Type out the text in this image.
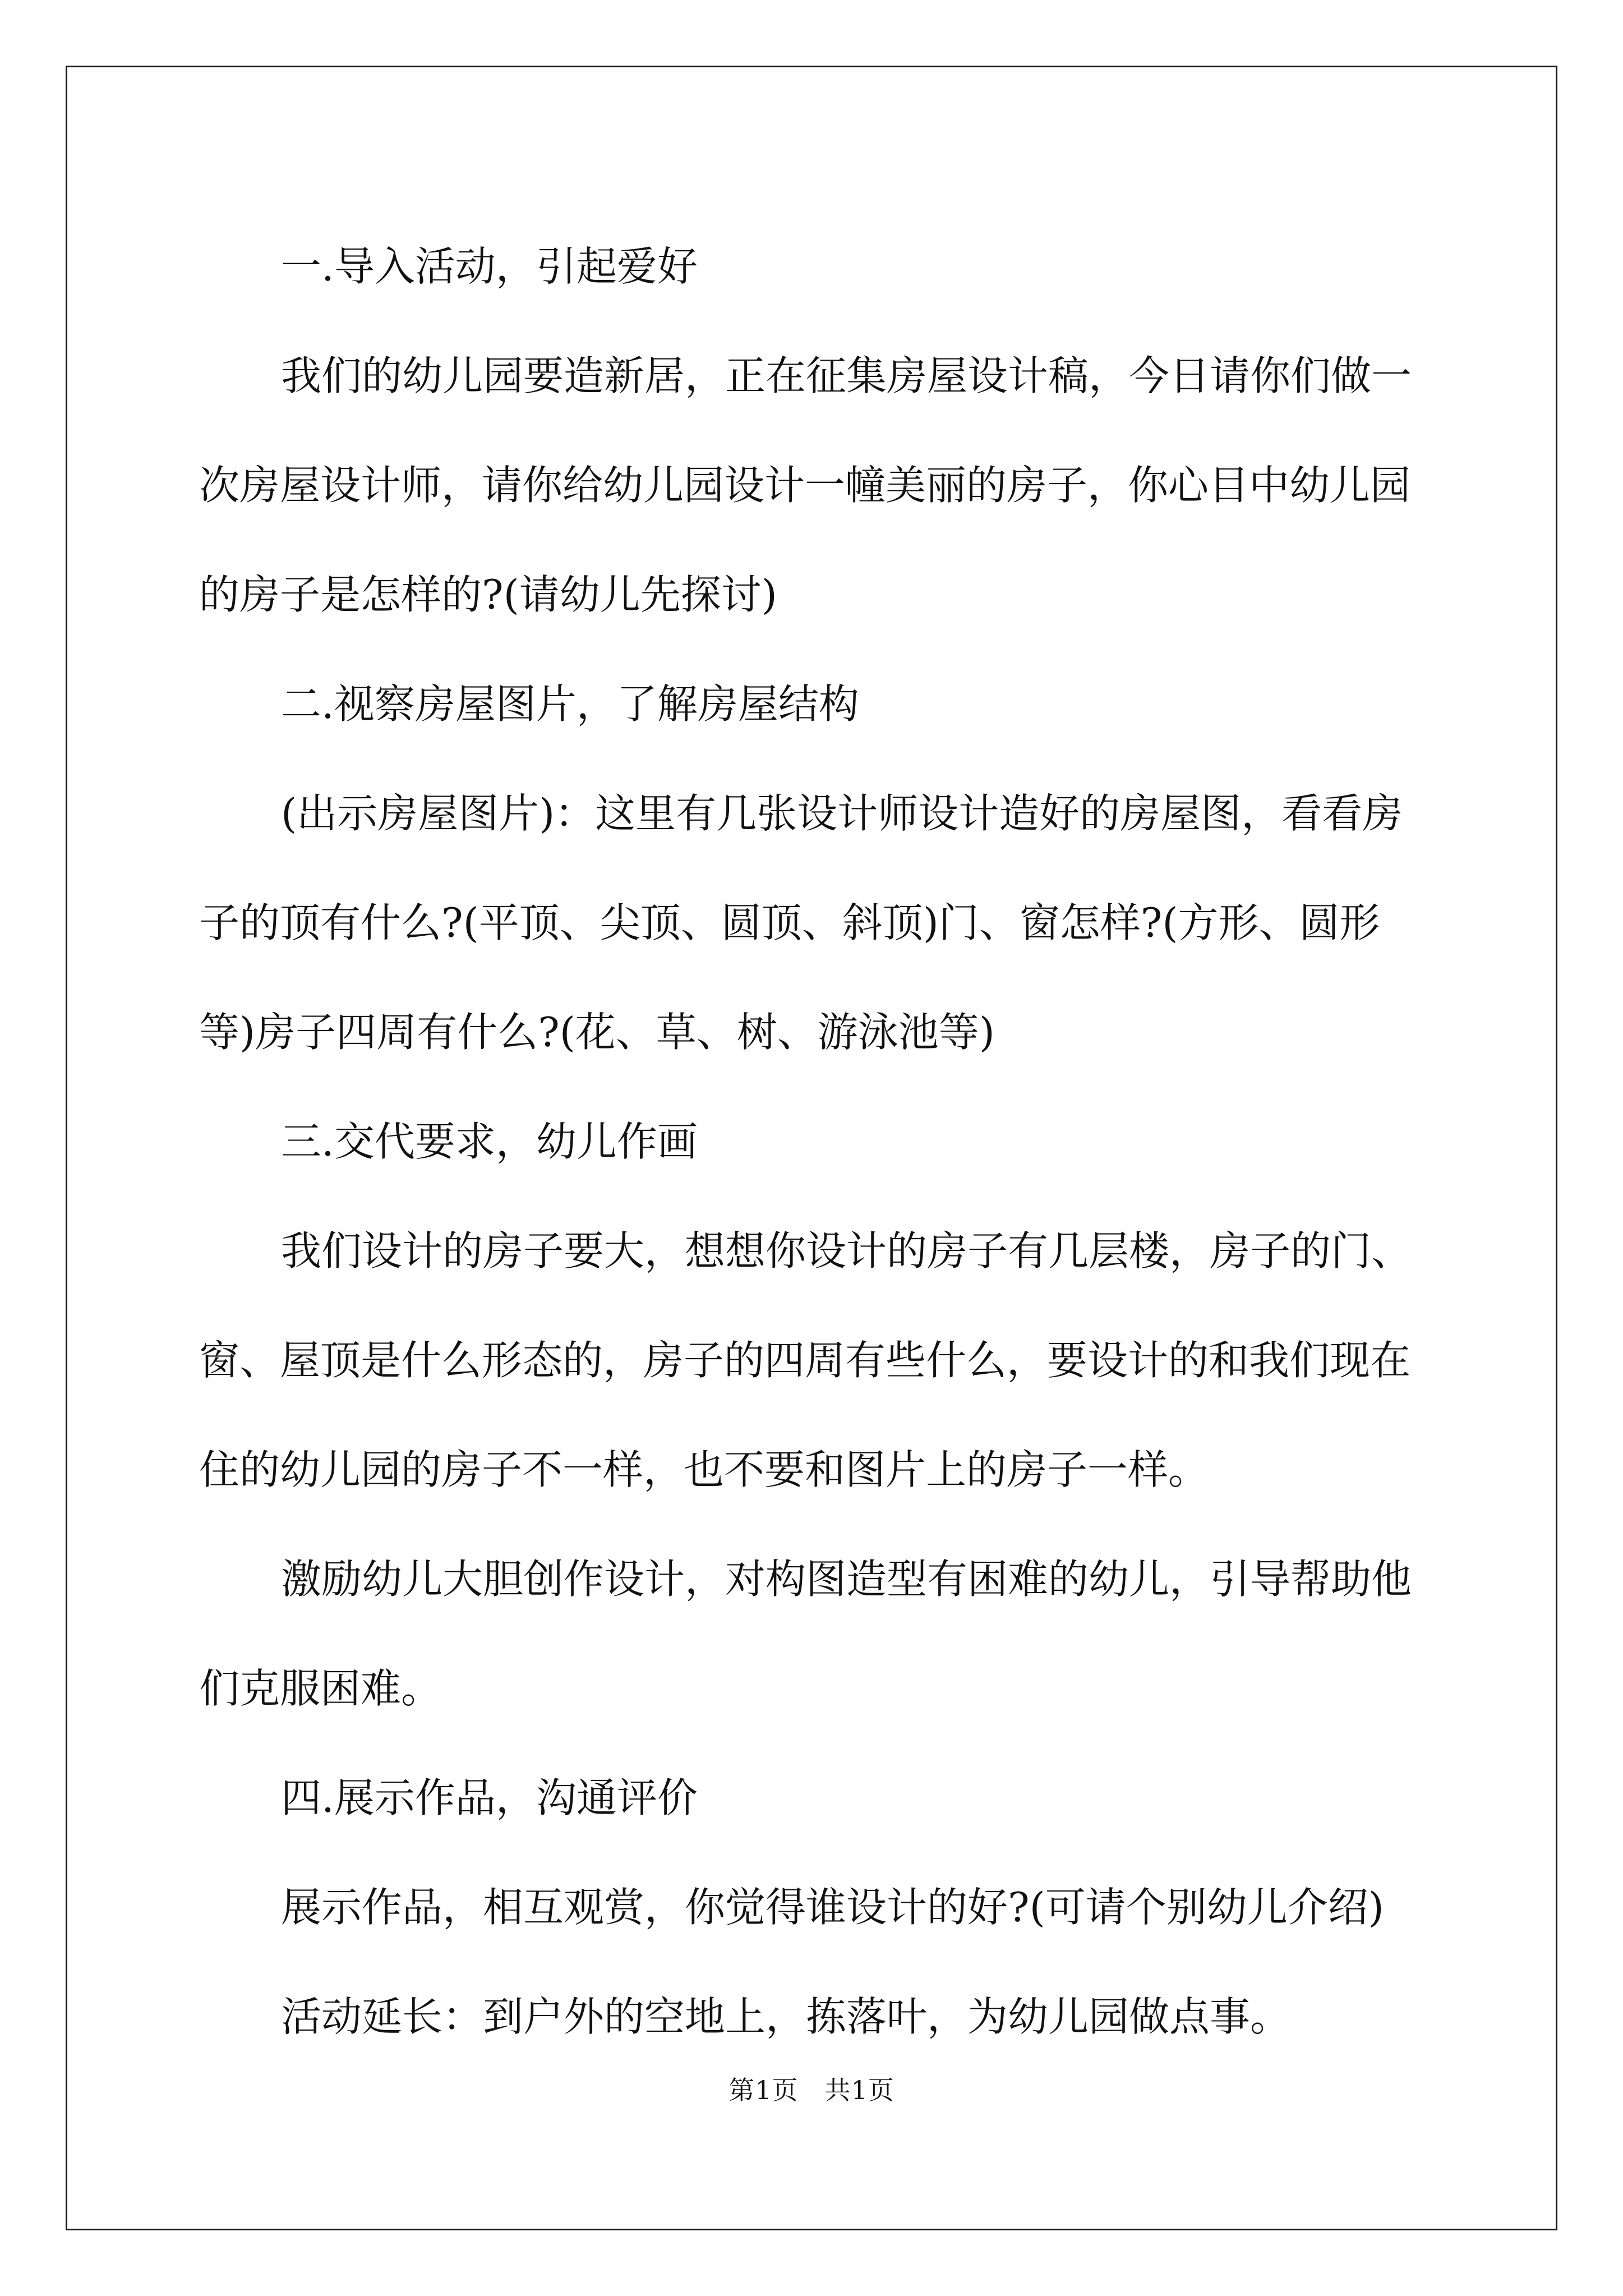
一.导入活动，引起爱好

我们的幼儿园要造新居，正在征集房屋设计稿，今日请你们做一次房屋设计师，请你给幼儿园设计一幢美丽的房子，你心目中幼儿园的房子是怎样的?(请幼儿先探讨)

二.视察房屋图片，了解房屋结构

(出示房屋图片)：这里有几张设计师设计造好的房屋图，看看房子的顶有什么?(平顶、尖顶、圆顶、斜顶)门、窗怎样?(方形、圆形等)房子四周有什么?(花、草、树、游泳池等)

三.交代要求，幼儿作画

我们设计的房子要大，想想你设计的房子有几层楼，房子的门、窗、屋顶是什么形态的，房子的四周有些什么，要设计的和我们现在住的幼儿园的房子不一样，也不要和图片上的房子一样。

激励幼儿大胆创作设计，对构图造型有困难的幼儿，引导帮助他们克服困难。

四.展示作品，沟通评价

展示作品，相互观赏，你觉得谁设计的好?(可请个别幼儿介绍)

活动延长：到户外的空地上，拣落叶，为幼儿园做点事。

第1页 共1页
